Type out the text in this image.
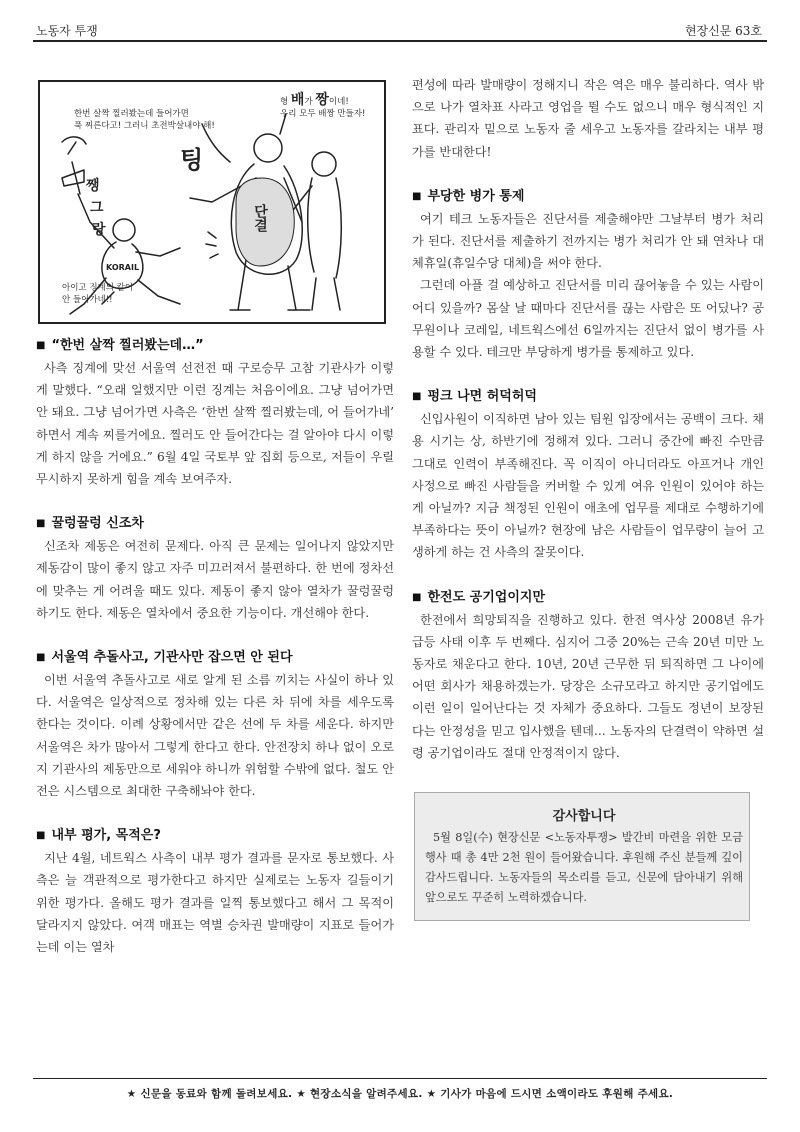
노동자 투쟁	현장신문 63호
한번 살짝 찔러봤는데 들어가면
푹 찌른다고! 그러니 초전박살내야 해!
형 배가 짱이네!
우리 모두 배짱 만들자!
아이고 징계의 칼이
안 들어가네!!
팅
쨍
그
랑	단결
KORAIL
■ “한번 살짝 찔러봤는데…”

사측 징계에 맞선 서울역 선전전 때 구로승무 고참 기관사가 이렇게 말했다. “오래 일했지만 이런 징계는 처음이에요. 그냥 넘어가면 안 돼요. 그냥 넘어가면 사측은 ‘한번 살짝 찔러봤는데, 어 들어가네’ 하면서 계속 찌를거에요. 찔러도 안 들어간다는 걸 알아야 다시 이렇게 하지 않을 거에요.” 6월 4일 국토부 앞 집회 등으로, 저들이 우릴 무시하지 못하게 힘을 계속 보여주자.

■ 꿀렁꿀렁 신조차

신조차 제동은 여전히 문제다. 아직 큰 문제는 일어나지 않았지만 제동감이 많이 좋지 않고 자주 미끄러져서 불편하다. 한 번에 정차선에 맞추는 게 어려울 때도 있다. 제동이 좋지 않아 열차가 꿀렁꿀렁하기도 한다. 제동은 열차에서 중요한 기능이다. 개선해야 한다.

■ 서울역 추돌사고, 기관사만 잡으면 안 된다

이번 서울역 추돌사고로 새로 알게 된 소름 끼치는 사실이 하나 있다. 서울역은 일상적으로 정차해 있는 다른 차 뒤에 차를 세우도록 한다는 것이다. 이례 상황에서만 같은 선에 두 차를 세운다. 하지만 서울역은 차가 많아서 그렇게 한다고 한다. 안전장치 하나 없이 오로지 기관사의 제동만으로 세워야 하니까 위험할 수밖에 없다. 철도 안전은 시스템으로 최대한 구축해놔야 한다.

■ 내부 평가, 목적은?

지난 4월, 네트웍스 사측이 내부 평가 결과를 문자로 통보했다. 사측은 늘 객관적으로 평가한다고 하지만 실제로는 노동자 길들이기 위한 평가다. 올해도 평가 결과를 일찍 통보했다고 해서 그 목적이 달라지지 않았다. 여객 매표는 역별 승차권 발매량이 지표로 들어가는데 이는 열차

편성에 따라 발매량이 정해지니 작은 역은 매우 불리하다. 역사 밖으로 나가 열차표 사라고 영업을 뛸 수도 없으니 매우 형식적인 지표다. 관리자 밑으로 노동자 줄 세우고 노동자를 갈라치는 내부 평가를 반대한다!

■ 부당한 병가 통제

여기 테크 노동자들은 진단서를 제출해야만 그날부터 병가 처리가 된다. 진단서를 제출하기 전까지는 병가 처리가 안 돼 연차나 대체휴일(휴일수당 대체)을 써야 한다.

그런데 아플 걸 예상하고 진단서를 미리 끊어놓을 수 있는 사람이 어디 있을까? 몸살 날 때마다 진단서를 끊는 사람은 또 어딨나? 공무원이나 코레일, 네트웍스에선 6일까지는 진단서 없이 병가를 사용할 수 있다. 테크만 부당하게 병가를 통제하고 있다.

■ 펑크 나면 허덕허덕

신입사원이 이직하면 남아 있는 팀원 입장에서는 공백이 크다. 채용 시기는 상, 하반기에 정해져 있다. 그러니 중간에 빠진 수만큼 그대로 인력이 부족해진다. 꼭 이직이 아니더라도 아프거나 개인 사정으로 빠진 사람들을 커버할 수 있게 여유 인원이 있어야 하는 게 아닐까? 지금 책정된 인원이 애초에 업무를 제대로 수행하기에 부족하다는 뜻이 아닐까? 현장에 남은 사람들이 업무량이 늘어 고생하게 하는 건 사측의 잘못이다.

■ 한전도 공기업이지만

한전에서 희망퇴직을 진행하고 있다. 한전 역사상 2008년 유가 급등 사태 이후 두 번째다. 심지어 그중 20%는 근속 20년 미만 노동자로 채운다고 한다. 10년, 20년 근무한 뒤 퇴직하면 그 나이에 어떤 회사가 채용하겠는가. 당장은 소규모라고 하지만 공기업에도 이런 일이 일어난다는 것 자체가 중요하다. 그들도 정년이 보장된다는 안정성을 믿고 입사했을 텐데... 노동자의 단결력이 약하면 설령 공기업이라도 절대 안정적이지 않다.

감사합니다

5월 8일(수) 현장신문 <노동자투쟁> 발간비 마련을 위한 모금행사 때 총 4만 2천 원이 들어왔습니다. 후원해 주신 분들께 깊이 감사드립니다. 노동자들의 목소리를 듣고, 신문에 담아내기 위해 앞으로도 꾸준히 노력하겠습니다.

★ 신문을 동료와 함께 돌려보세요. ★ 현장소식을 알려주세요. ★ 기사가 마음에 드시면 소액이라도 후원해 주세요.
